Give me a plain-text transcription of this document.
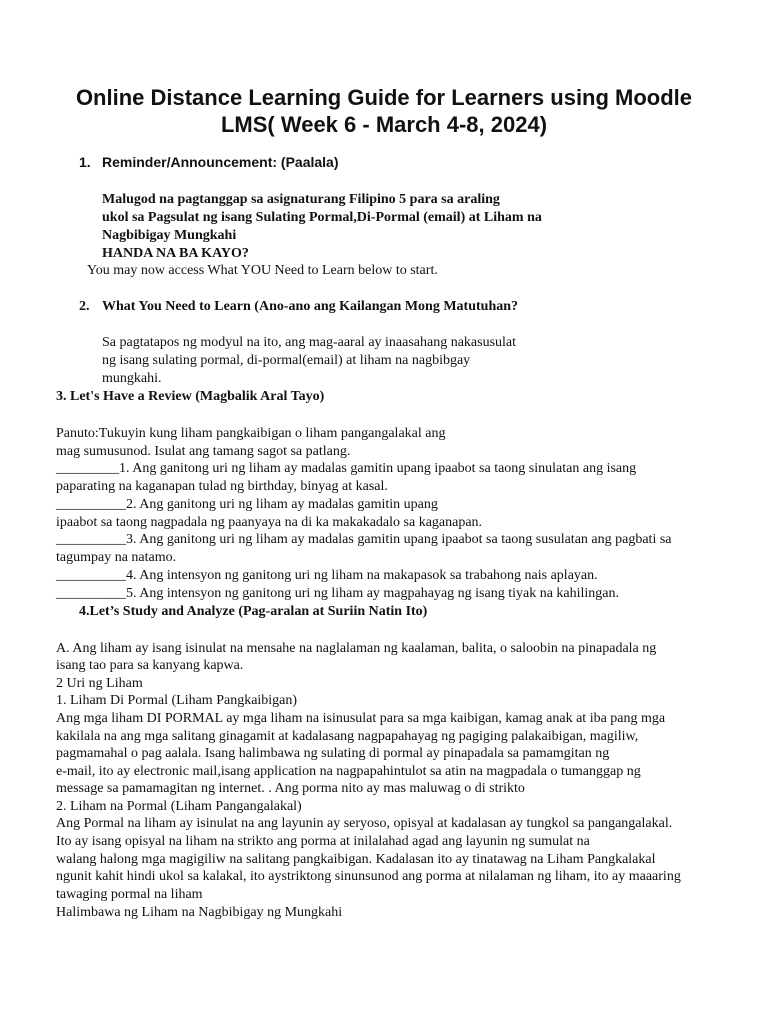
Online Distance Learning Guide for Learners using Moodle
LMS( Week 6 - March 4-8, 2024)
1. Reminder/Announcement: (Paalala)
Malugod na pagtanggap sa asignaturang Filipino 5 para sa araling
ukol sa Pagsulat ng isang Sulating Pormal,Di-Pormal (email) at Liham na
Nagbibigay Mungkahi
HANDA NA BA KAYO?
You may now access What YOU Need to Learn below to start.
2. What You Need to Learn (Ano-ano ang Kailangan Mong Matutuhan?
Sa pagtatapos ng modyul na ito, ang mag-aaral ay inaasahang nakasusulat
ng isang sulating pormal, di-pormal(email) at liham na nagbibgay
mungkahi.
3. Let's Have a Review (Magbalik Aral Tayo)
Panuto:Tukuyin kung liham pangkaibigan o liham pangangalakal ang
mag sumusunod. Isulat ang tamang sagot sa patlang.
_________1. Ang ganitong uri ng liham ay madalas gamitin upang ipaabot sa taong sinulatan ang isang
paparating na kaganapan tulad ng birthday, binyag at kasal.
__________2. Ang ganitong uri ng liham ay madalas gamitin upang
ipaabot sa taong nagpadala ng paanyaya na di ka makakadalo sa kaganapan.
__________3. Ang ganitong uri ng liham ay madalas gamitin upang ipaabot sa taong susulatan ang pagbati sa
tagumpay na natamo.
__________4. Ang intensyon ng ganitong uri ng liham na makapasok sa trabahong nais aplayan.
__________5. Ang intensyon ng ganitong uri ng liham ay magpahayag ng isang tiyak na kahilingan.
4.Let’s Study and Analyze (Pag-aralan at Suriin Natin Ito)
A. Ang liham ay isang isinulat na mensahe na naglalaman ng kaalaman, balita, o saloobin na pinapadala ng
isang tao para sa kanyang kapwa.
2 Uri ng Liham
1. Liham Di Pormal (Liham Pangkaibigan)
Ang mga liham DI PORMAL ay mga liham na isinusulat para sa mga kaibigan, kamag anak at iba pang mga
kakilala na ang mga salitang ginagamit at kadalasang nagpapahayag ng pagiging palakaibigan, magiliw,
pagmamahal o pag aalala. Isang halimbawa ng sulating di pormal ay pinapadala sa pamamgitan ng
e-mail, ito ay electronic mail,isang application na nagpapahintulot sa atin na magpadala o tumanggap ng
message sa pamamagitan ng internet. . Ang porma nito ay mas maluwag o di strikto
2. Liham na Pormal (Liham Pangangalakal)
Ang Pormal na liham ay isinulat na ang layunin ay seryoso, opisyal at kadalasan ay tungkol sa pangangalakal.
Ito ay isang opisyal na liham na strikto ang porma at inilalahad agad ang layunin ng sumulat na
walang halong mga magigiliw na salitang pangkaibigan. Kadalasan ito ay tinatawag na Liham Pangkalakal
ngunit kahit hindi ukol sa kalakal, ito aystriktong sinunsunod ang porma at nilalaman ng liham, ito ay maaaring
tawaging pormal na liham
Halimbawa ng Liham na Nagbibigay ng Mungkahi
